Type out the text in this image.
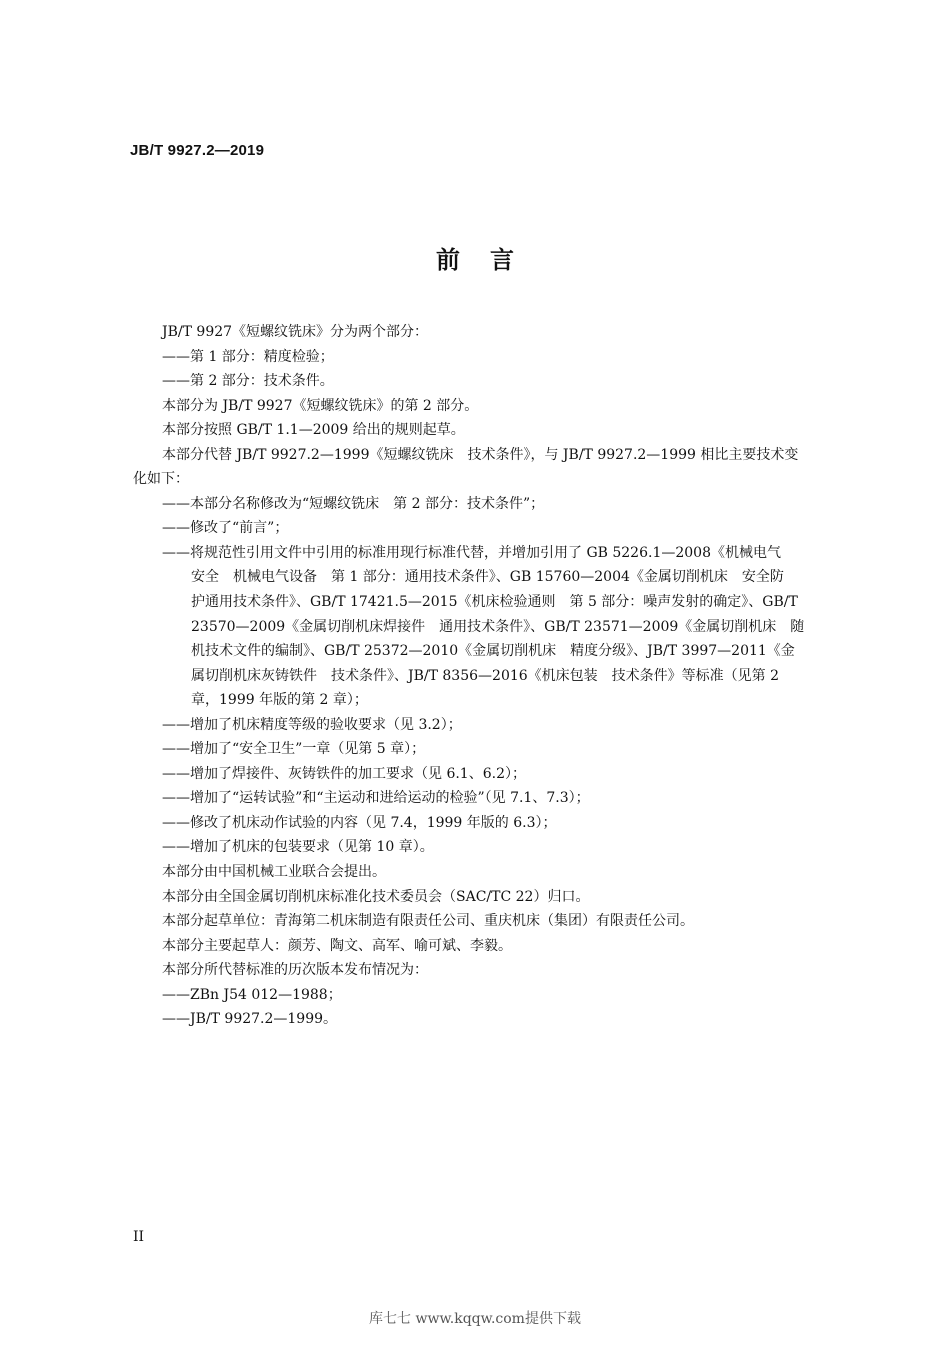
JB/T 9927.2—2019
前言
JB/T 9927《短螺纹铣床》分为两个部分：
——第 1 部分：精度检验；
——第 2 部分：技术条件。
本部分为 JB/T 9927《短螺纹铣床》的第 2 部分。
本部分按照 GB/T 1.1—2009 给出的规则起草。
本部分代替 JB/T 9927.2—1999《短螺纹铣床　技术条件》，与 JB/T 9927.2—1999 相比主要技术变
化如下：
——本部分名称修改为“短螺纹铣床　第 2 部分：技术条件”；
——修改了“前言”；
——将规范性引用文件中引用的标准用现行标准代替，并增加引用了 GB 5226.1—2008《机械电气
安全　机械电气设备　第 1 部分：通用技术条件》、GB 15760—2004《金属切削机床　安全防
护通用技术条件》、GB/T 17421.5—2015《机床检验通则　第 5 部分：噪声发射的确定》、GB/T
23570—2009《金属切削机床焊接件　通用技术条件》、GB/T 23571—2009《金属切削机床　随
机技术文件的编制》、GB/T 25372—2010《金属切削机床　精度分级》、JB/T 3997—2011《金
属切削机床灰铸铁件　技术条件》、JB/T 8356—2016《机床包装　技术条件》等标准（见第 2
章，1999 年版的第 2 章）；
——增加了机床精度等级的验收要求（见 3.2）；
——增加了“安全卫生”一章（见第 5 章）；
——增加了焊接件、灰铸铁件的加工要求（见 6.1、6.2）；
——增加了“运转试验”和“主运动和进给运动的检验”（见 7.1、7.3）；
——修改了机床动作试验的内容（见 7.4，1999 年版的 6.3）；
——增加了机床的包装要求（见第 10 章）。
本部分由中国机械工业联合会提出。
本部分由全国金属切削机床标准化技术委员会（SAC/TC 22）归口。
本部分起草单位：青海第二机床制造有限责任公司、重庆机床（集团）有限责任公司。
本部分主要起草人：颜芳、陶文、高军、喻可斌、李毅。
本部分所代替标准的历次版本发布情况为：
——ZBn J54 012—1988；
——JB/T 9927.2—1999。
II
库七七 www.kqqw.com提供下载
